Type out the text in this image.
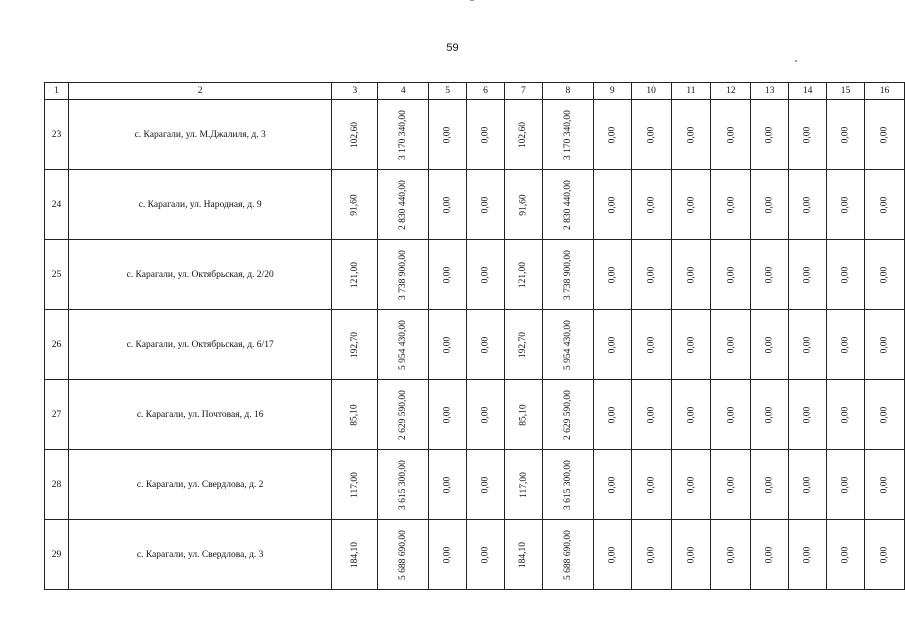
59
1	2	3	4	5	6	7	8	9	10	11	12	13	14	15	16
23	с. Карагали, ул. М.Джалиля, д. 3	102,60	3 170 340,00	0,00	0,00	102,60	3 170 340,00	0,00	0,00	0,00	0,00	0,00	0,00	0,00	0,00
24	с. Карагали, ул. Народная, д. 9	91,60	2 830 440,00	0,00	0,00	91,60	2 830 440,00	0,00	0,00	0,00	0,00	0,00	0,00	0,00	0,00
25	с. Карагали, ул. Октябрьская, д. 2/20	121,00	3 738 900,00	0,00	0,00	121,00	3 738 900,00	0,00	0,00	0,00	0,00	0,00	0,00	0,00	0,00
26	с. Карагали, ул. Октябрьская, д. 6/17	192,70	5 954 430,00	0,00	0,00	192,70	5 954 430,00	0,00	0,00	0,00	0,00	0,00	0,00	0,00	0,00
27	с. Карагали, ул. Почтовая, д. 16	85,10	2 629 590,00	0,00	0,00	85,10	2 629 590,00	0,00	0,00	0,00	0,00	0,00	0,00	0,00	0,00
28	с. Карагали, ул. Свердлова, д. 2	117,00	3 615 300,00	0,00	0,00	117,00	3 615 300,00	0,00	0,00	0,00	0,00	0,00	0,00	0,00	0,00
29	с. Карагали, ул. Свердлова, д. 3	184,10	5 688 690,00	0,00	0,00	184,10	5 688 690,00	0,00	0,00	0,00	0,00	0,00	0,00	0,00	0,00
